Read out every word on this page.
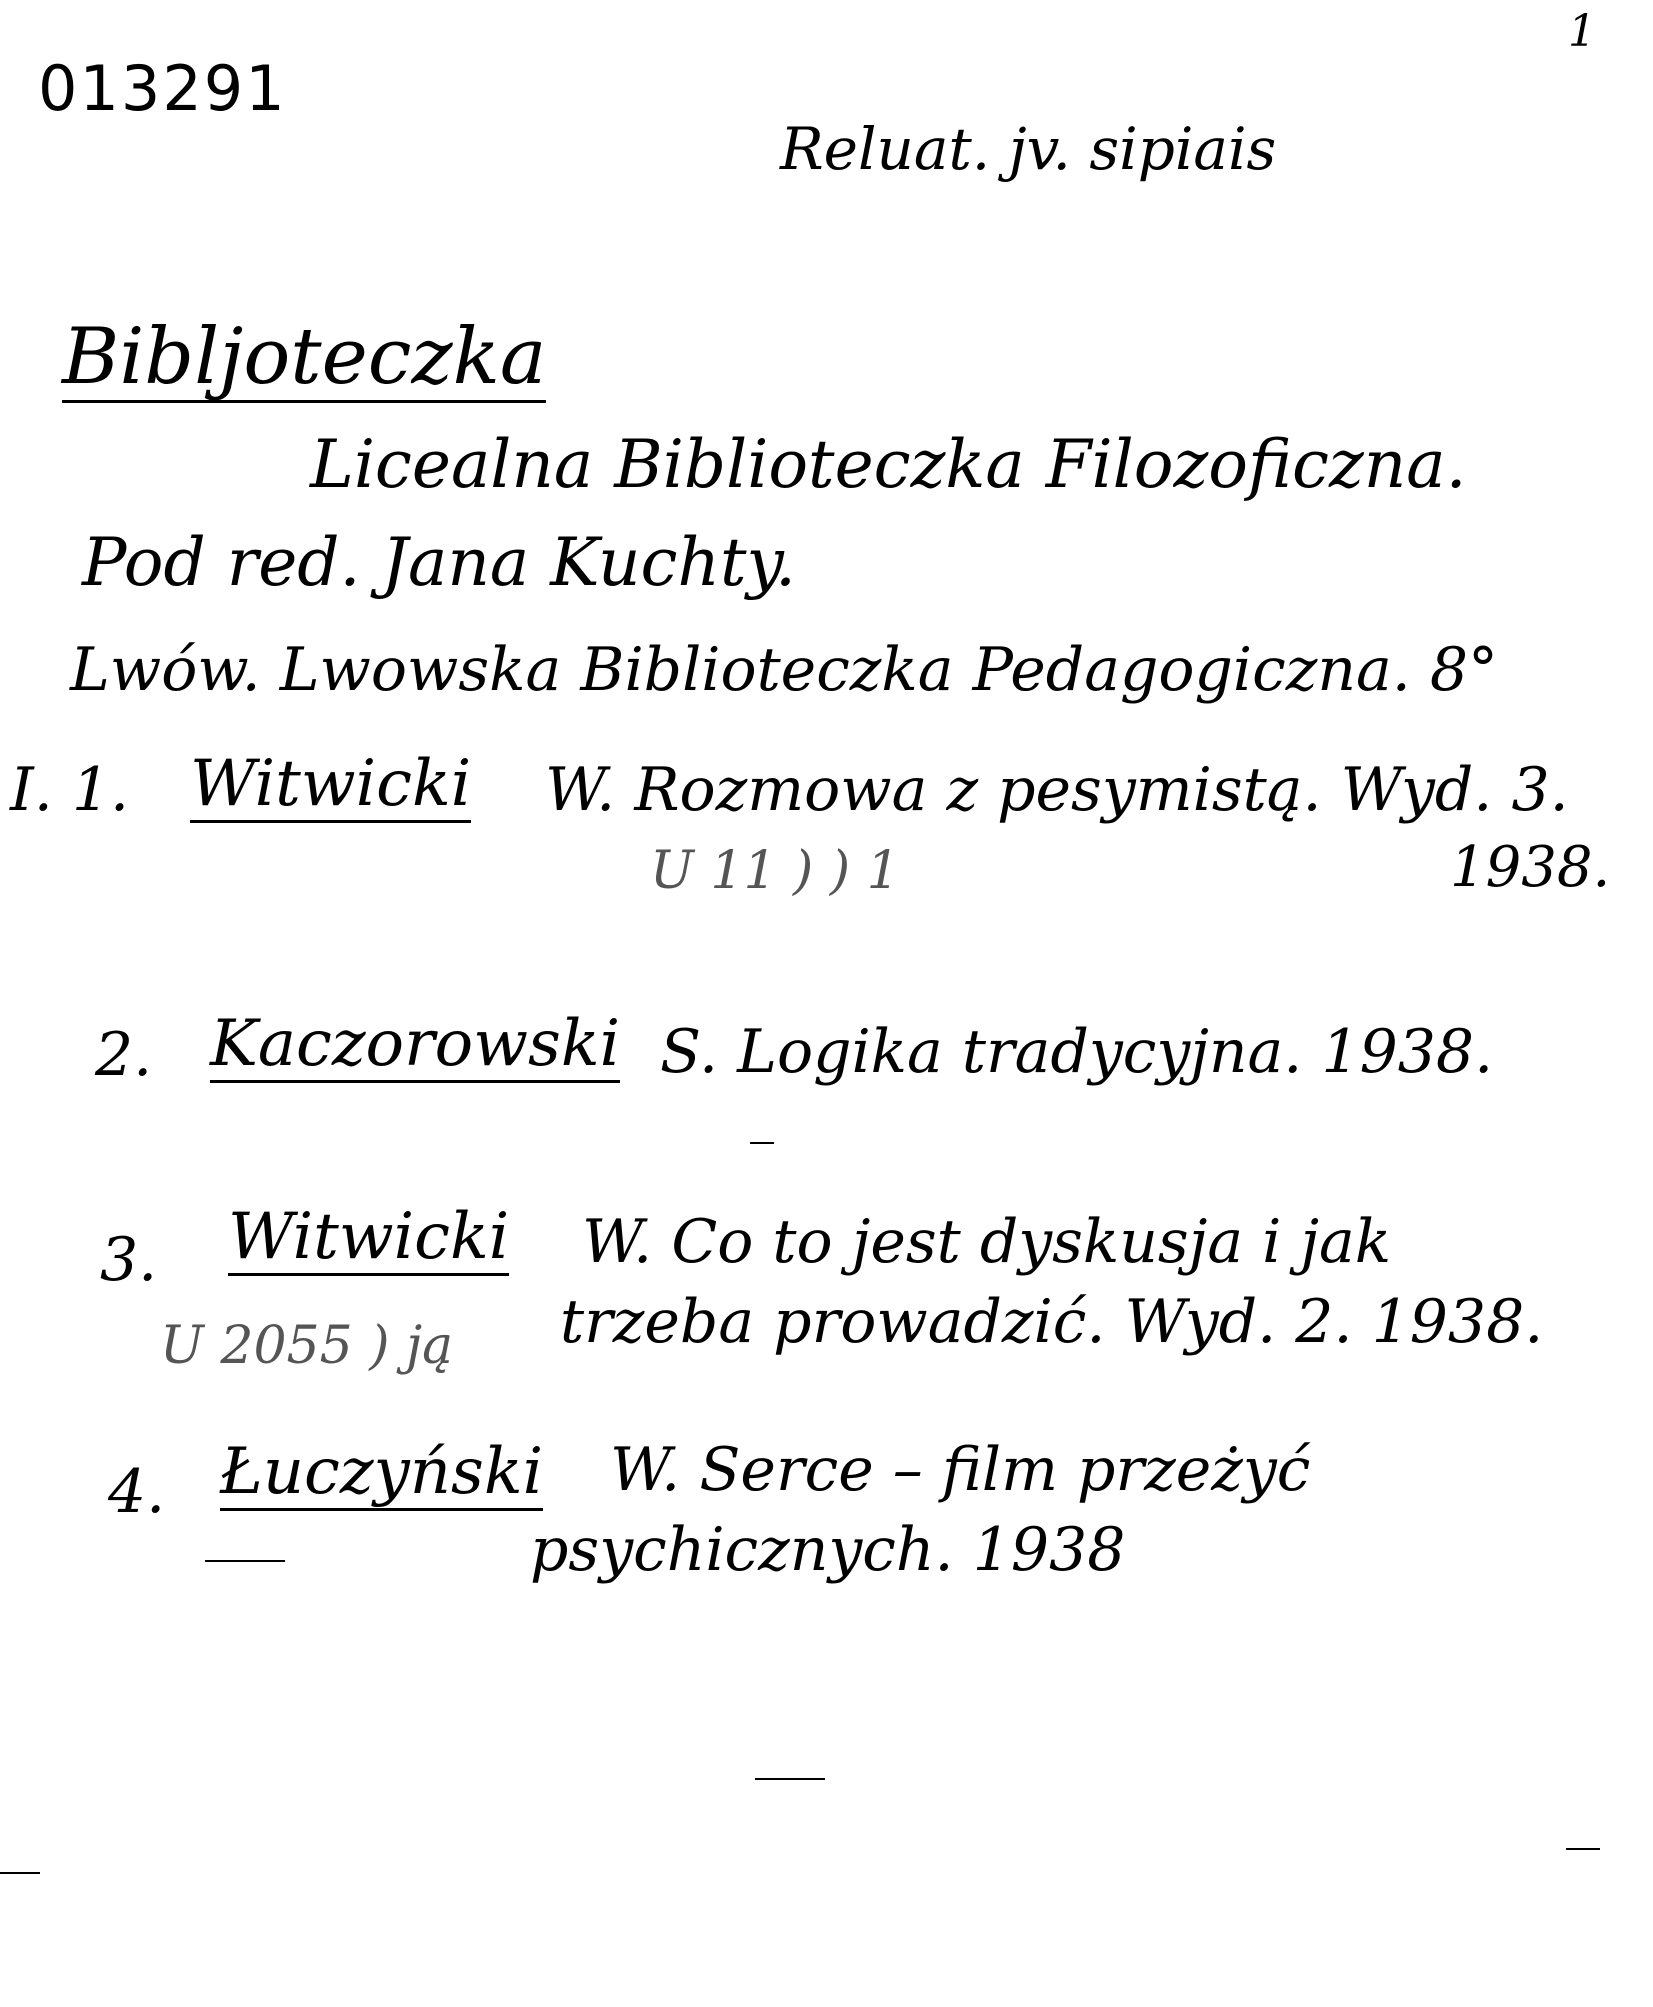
013291
1
Reluat. jv. sipiais
Bibljoteczka
Licealna Biblioteczka Filozoficzna.
Pod red. Jana Kuchty.
Lwów. Lwowska Biblioteczka Pedagogiczna. 8°
I. 1. Witwicki W. Rozmowa z pesymistą. Wyd. 3.
1938.
U 11 ) ) 1
2. Kaczorowski S. Logika tradycyjna. 1938.
3. Witwicki W. Co to jest dyskusja i jak
trzeba prowadzić. Wyd. 2. 1938.
U 2055 ) ją
4. Łuczyński W. Serce – film przeżyć
psychicznych. 1938
